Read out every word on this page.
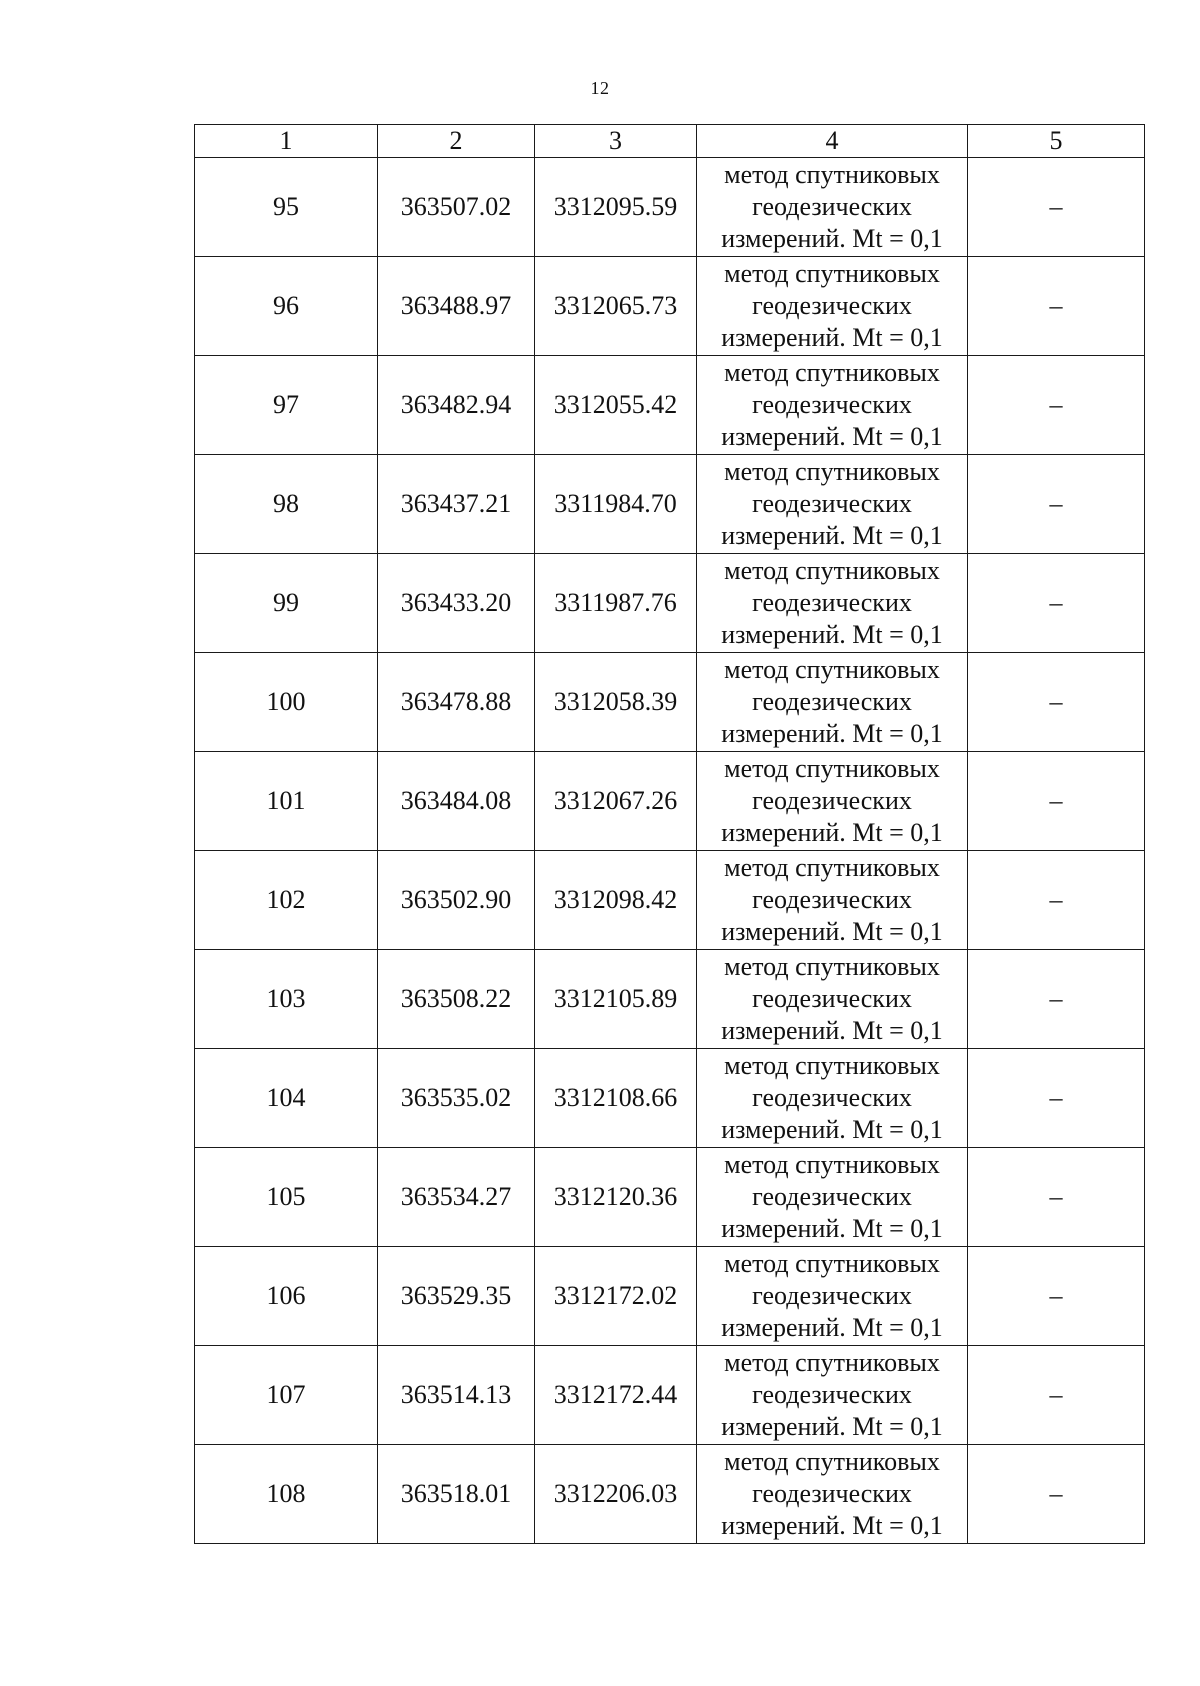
12
1	2	3	4	5
95	363507.02	3312095.59	метод спутниковых
геодезических
измерений. Mt = 0,1	–
96	363488.97	3312065.73	метод спутниковых
геодезических
измерений. Mt = 0,1	–
97	363482.94	3312055.42	метод спутниковых
геодезических
измерений. Mt = 0,1	–
98	363437.21	3311984.70	метод спутниковых
геодезических
измерений. Mt = 0,1	–
99	363433.20	3311987.76	метод спутниковых
геодезических
измерений. Mt = 0,1	–
100	363478.88	3312058.39	метод спутниковых
геодезических
измерений. Mt = 0,1	–
101	363484.08	3312067.26	метод спутниковых
геодезических
измерений. Mt = 0,1	–
102	363502.90	3312098.42	метод спутниковых
геодезических
измерений. Mt = 0,1	–
103	363508.22	3312105.89	метод спутниковых
геодезических
измерений. Mt = 0,1	–
104	363535.02	3312108.66	метод спутниковых
геодезических
измерений. Mt = 0,1	–
105	363534.27	3312120.36	метод спутниковых
геодезических
измерений. Mt = 0,1	–
106	363529.35	3312172.02	метод спутниковых
геодезических
измерений. Mt = 0,1	–
107	363514.13	3312172.44	метод спутниковых
геодезических
измерений. Mt = 0,1	–
108	363518.01	3312206.03	метод спутниковых
геодезических
измерений. Mt = 0,1	–
